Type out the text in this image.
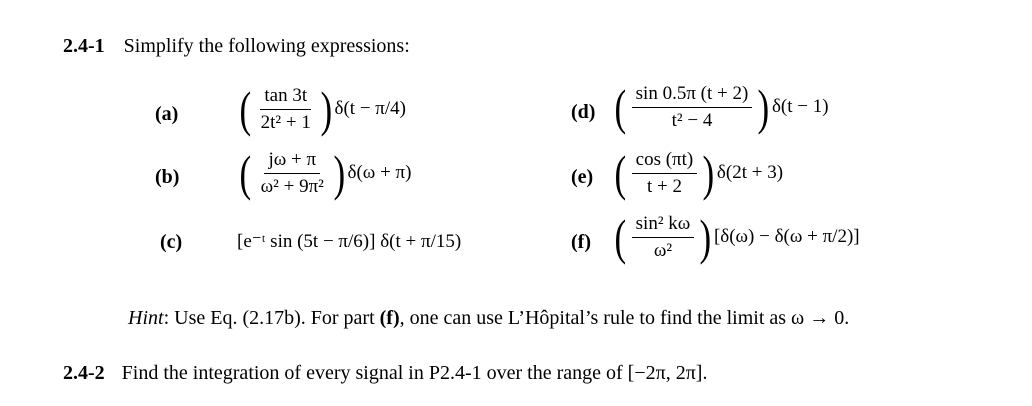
2.4-1 Simplify the following expressions:
(a) ( $\frac{\tan 3t}{\text{2t² + 1}}$ ) δ(t − π/4)
(b) ( $\frac{j\omega + \pi}{\text{ω² + 9π²}}$ ) δ(ω + π)
(c)	[e⁻ᵗ sin (5t − π/6)] δ(t + π/15)
(d) ( $\frac{\sin 0.5\pi (t + 2)}{\text{t² − 4}}$ ) δ(t − 1)
(e) ( $\frac{\cos (\pi t)}{t + 2}$ ) δ(2t + 3)
(f) ( $\frac{\text{sin² kω}}{\text{ω²}}$ ) [δ(ω) − δ(ω + π/2)]
Hint: Use Eq. (2.17b). For part (f), one can use L’Hôpital’s rule to find the limit as ω → 0.
2.4-2 Find the integration of every signal in P2.4-1 over the range of [−2π, 2π].
